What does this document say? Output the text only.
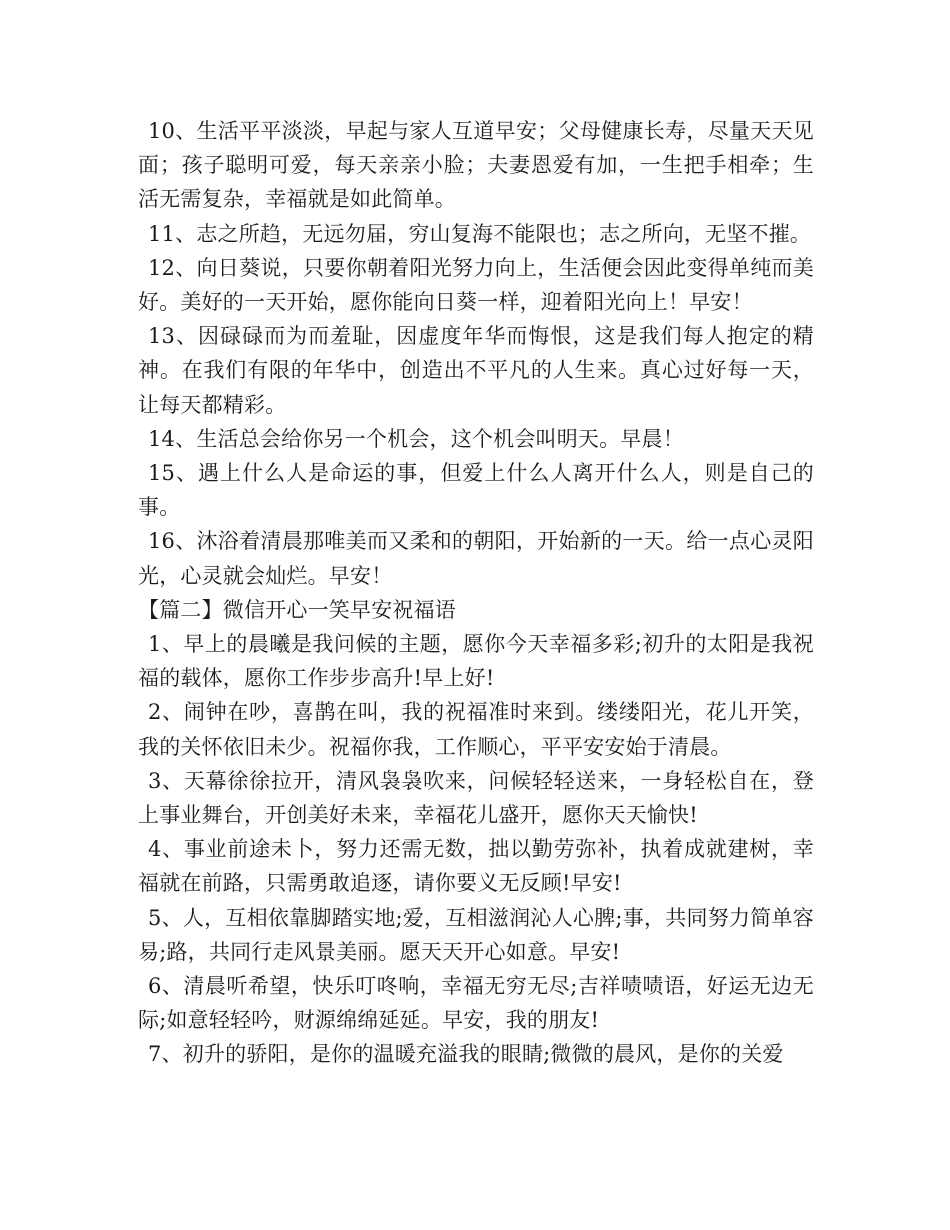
10、生活平平淡淡，早起与家人互道早安；父母健康长寿，尽量天天见面；孩子聪明可爱，每天亲亲小脸；夫妻恩爱有加，一生把手相牵；生活无需复杂，幸福就是如此简单。

11、志之所趋，无远勿届，穷山复海不能限也；志之所向，无坚不摧。

12、向日葵说，只要你朝着阳光努力向上，生活便会因此变得单纯而美好。美好的一天开始，愿你能向日葵一样，迎着阳光向上！早安！

13、因碌碌而为而羞耻，因虚度年华而悔恨，这是我们每人抱定的精神。在我们有限的年华中，创造出不平凡的人生来。真心过好每一天，让每天都精彩。

14、生活总会给你另一个机会，这个机会叫明天。早晨！

15、遇上什么人是命运的事，但爱上什么人离开什么人，则是自己的事。

16、沐浴着清晨那唯美而又柔和的朝阳，开始新的一天。给一点心灵阳光，心灵就会灿烂。早安！

【篇二】微信开心一笑早安祝福语

1、早上的晨曦是我问候的主题，愿你今天幸福多彩;初升的太阳是我祝福的载体，愿你工作步步高升!早上好!

2、闹钟在吵，喜鹊在叫，我的祝福准时来到。缕缕阳光，花儿开笑，我的关怀依旧未少。祝福你我，工作顺心，平平安安始于清晨。

3、天幕徐徐拉开，清风袅袅吹来，问候轻轻送来，一身轻松自在，登上事业舞台，开创美好未来，幸福花儿盛开，愿你天天愉快!

4、事业前途未卜，努力还需无数，拙以勤劳弥补，执着成就建树，幸福就在前路，只需勇敢追逐，请你要义无反顾!早安!

5、人，互相依靠脚踏实地;爱，互相滋润沁人心脾;事，共同努力简单容易;路，共同行走风景美丽。愿天天开心如意。早安!

6、清晨听希望，快乐叮咚响，幸福无穷无尽;吉祥啧啧语，好运无边无际;如意轻轻吟，财源绵绵延延。早安，我的朋友!

7、初升的骄阳，是你的温暖充溢我的眼睛;微微的晨风，是你的关爱
